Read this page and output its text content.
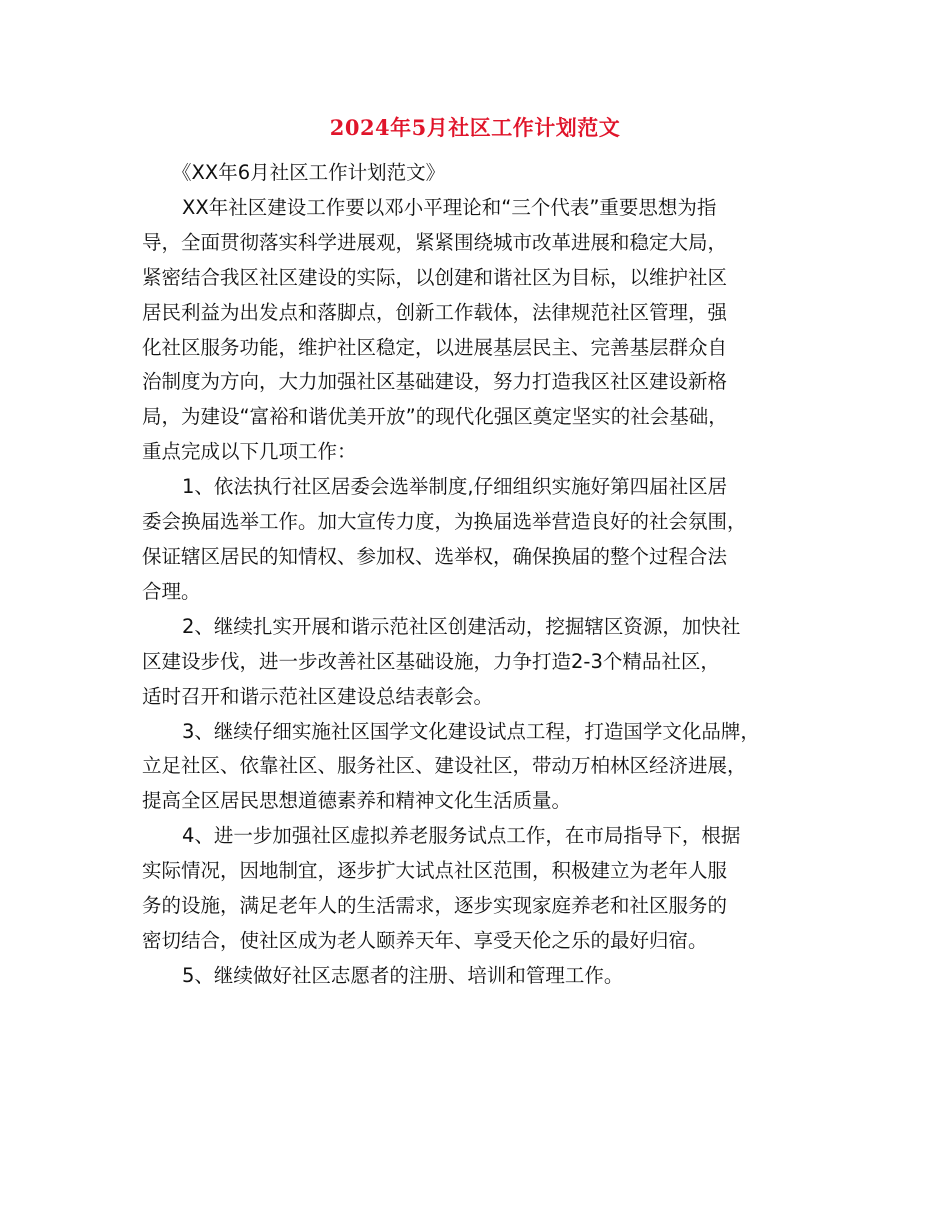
2024年5月社区工作计划范文

《XX年6月社区工作计划范文》

XX年社区建设工作要以邓小平理论和“三个代表”重要思想为指
导，全面贯彻落实科学进展观，紧紧围绕城市改革进展和稳定大局，
紧密结合我区社区建设的实际，以创建和谐社区为目标，以维护社区
居民利益为出发点和落脚点，创新工作载体，法律规范社区管理，强
化社区服务功能，维护社区稳定，以进展基层民主、完善基层群众自
治制度为方向，大力加强社区基础建设，努力打造我区社区建设新格
局，为建设“富裕和谐优美开放”的现代化强区奠定坚实的社会基础，
重点完成以下几项工作：

1、依法执行社区居委会选举制度,仔细组织实施好第四届社区居
委会换届选举工作。加大宣传力度，为换届选举营造良好的社会氛围，
保证辖区居民的知情权、参加权、选举权，确保换届的整个过程合法
合理。

2、继续扎实开展和谐示范社区创建活动，挖掘辖区资源，加快社
区建设步伐，进一步改善社区基础设施，力争打造2-3个精品社区，
适时召开和谐示范社区建设总结表彰会。

3、继续仔细实施社区国学文化建设试点工程，打造国学文化品牌，
立足社区、依靠社区、服务社区、建设社区，带动万柏林区经济进展，
提高全区居民思想道德素养和精神文化生活质量。

4、进一步加强社区虚拟养老服务试点工作，在市局指导下，根据
实际情况，因地制宜，逐步扩大试点社区范围，积极建立为老年人服
务的设施，满足老年人的生活需求，逐步实现家庭养老和社区服务的
密切结合，使社区成为老人颐养天年、享受天伦之乐的最好归宿。

5、继续做好社区志愿者的注册、培训和管理工作。
